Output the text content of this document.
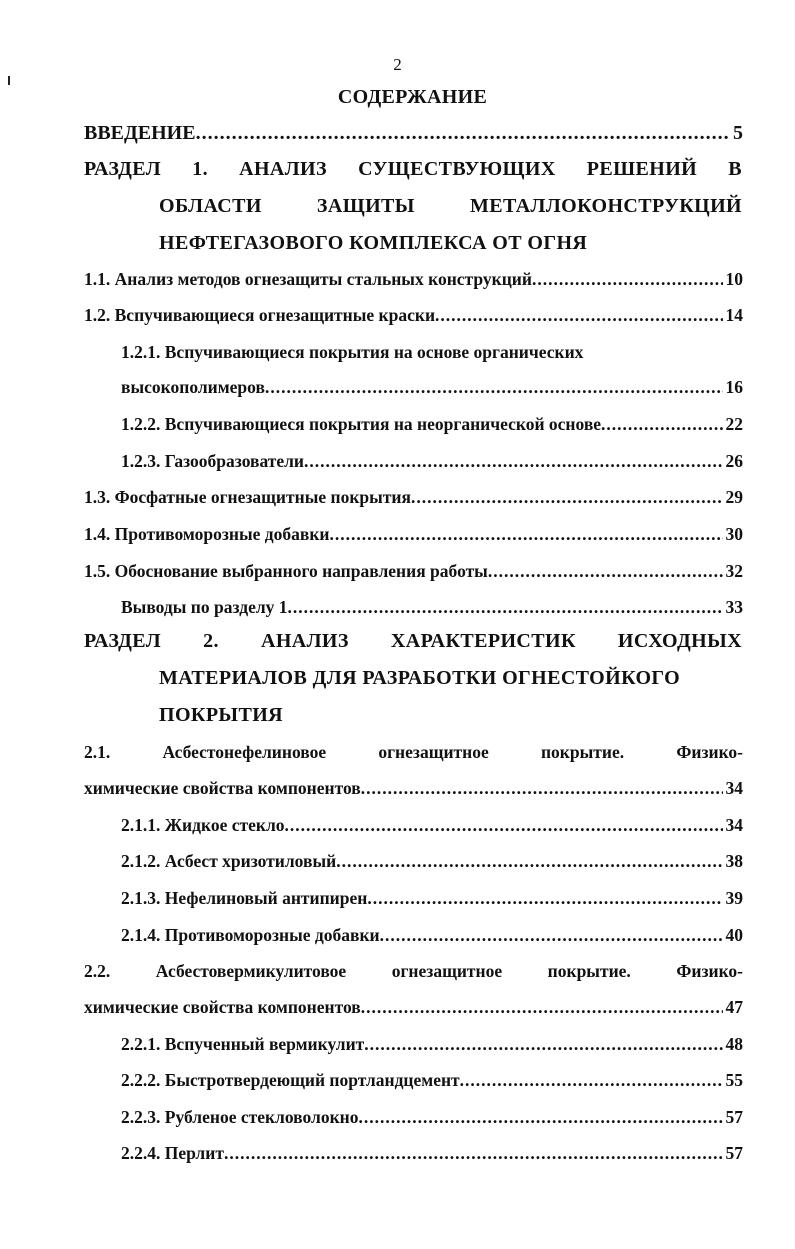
2
СОДЕРЖАНИЕ
ВВЕДЕНИЕ .....	5
РАЗДЕЛ 1. АНАЛИЗ СУЩЕСТВУЮЩИХ РЕШЕНИЙ В
ОБЛАСТИ ЗАЩИТЫ МЕТАЛЛОКОНСТРУКЦИЙ
НЕФТЕГАЗОВОГО КОМПЛЕКСА ОТ ОГНЯ
1.1. Анализ методов огнезащиты стальных конструкций .....	10
1.2. Вспучивающиеся огнезащитные краски .....	14
1.2.1. Вспучивающиеся покрытия на основе органических
высокополимеров .....	16
1.2.2. Вспучивающиеся покрытия на неорганической основе .....	22
1.2.3. Газообразователи .....	26
1.3. Фосфатные огнезащитные покрытия .....	29
1.4. Противоморозные добавки .....	30
1.5. Обоснование выбранного направления работы .....	32
Выводы по разделу 1 .....	33
РАЗДЕЛ 2. АНАЛИЗ ХАРАКТЕРИСТИК ИСХОДНЫХ
МАТЕРИАЛОВ ДЛЯ РАЗРАБОТКИ ОГНЕСТОЙКОГО
ПОКРЫТИЯ
2.1. Асбестонефелиновое огнезащитное покрытие. Физико-
химические свойства компонентов .....	34
2.1.1. Жидкое стекло .....	34
2.1.2. Асбест хризотиловый .....	38
2.1.3. Нефелиновый антипирен .....	39
2.1.4. Противоморозные добавки .....	40
2.2. Асбестовермикулитовое огнезащитное покрытие. Физико-
химические свойства компонентов .....	47
2.2.1. Вспученный вермикулит .....	48
2.2.2. Быстротвердеющий портландцемент .....	55
2.2.3. Рубленое стекловолокно .....	57
2.2.4. Перлит .....	57
